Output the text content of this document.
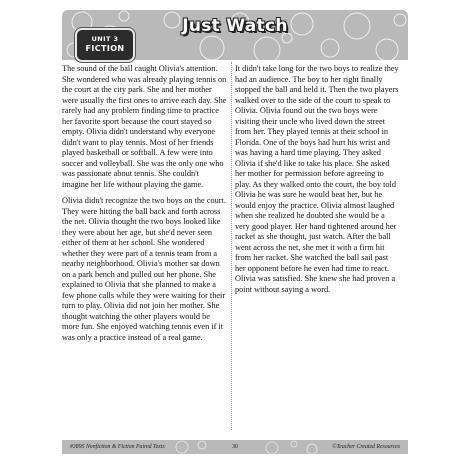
Just Watch
UNIT 3
FICTION

The sound of the ball caught Olivia's attention. She wondered who was already playing tennis on the court at the city park. She and her mother were usually the first ones to arrive each day. She rarely had any problem finding time to practice her favorite sport because the court stayed so empty. Olivia didn't understand why everyone didn't want to play tennis. Most of her friends played basketball or softball. A few were into soccer and volleyball. She was the only one who was passionate about tennis. She couldn't imagine her life without playing the game.

Olivia didn't recognize the two boys on the court. They were hitting the ball back and forth across the net. Olivia thought the two boys looked like they were about her age, but she'd never seen either of them at her school. She wondered whether they were part of a tennis team from a nearby neighborhood. Olivia's mother sat down on a park bench and pulled out her phone. She explained to Olivia that she planned to make a few phone calls while they were waiting for their turn to play. Olivia did not join her mother. She thought watching the other players would be more fun. She enjoyed watching tennis even if it was only a practice instead of a real game.

It didn't take long for the two boys to realize they had an audience. The boy to her right finally stopped the ball and held it. Then the two players walked over to the side of the court to speak to Olivia. Olivia found out the two boys were visiting their uncle who lived down the street from her. They played tennis at their school in Florida. One of the boys had hurt his wrist and was having a hard time playing. They asked Olivia if she'd like to take his place. She asked her mother for permission before agreeing to play. As they walked onto the court, the boy told Olivia he was sure he would beat her, but he would enjoy the practice. Olivia almost laughed when she realized he doubted she would be a very good player. Her hand tightened around her racket as she thought, just watch. After the ball went across the net, she met it with a firm hit from her racket. She watched the ball sail past her opponent before he even had time to react. Olivia was satisfied. She knew she had proven a point without saying a word.

#3895 Nonfiction & Fiction Paired Texts	30	©Teacher Created Resources
